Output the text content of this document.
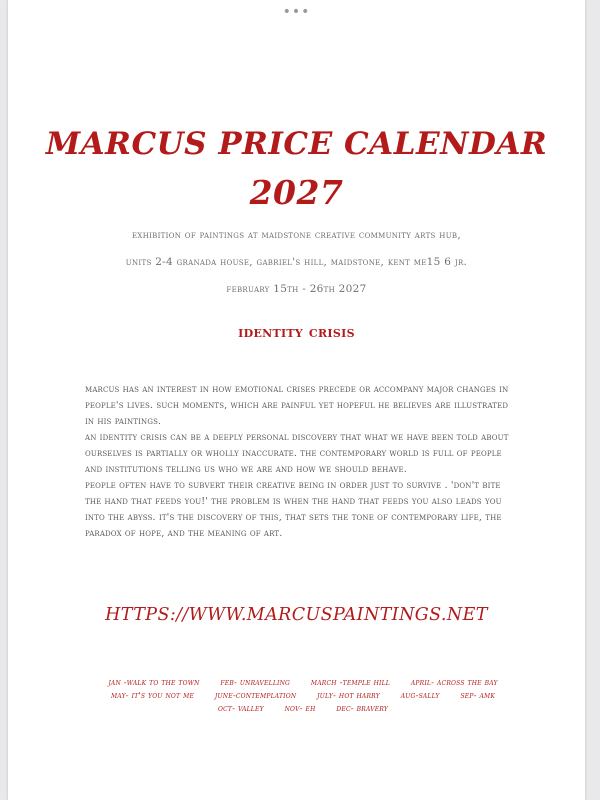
•••
MARCUS PRICE CALENDAR
2027
exhibition of paintings at maidstone creative community arts hub,
units 2-4 granada house, gabriel's hill, maidstone, kent me15 6 jr.
february 15th - 26th 2027
identity crisis

marcus has an interest in how emotional crises precede or accompany major changes in people's lives. such moments, which are painful yet hopeful he believes are illustrated in his paintings.

an identity crisis can be a deeply personal discovery that what we have been told about ourselves is partially or wholly inaccurate. the contemporary world is full of people and institutions telling us who we are and how we should behave.

people often have to subvert their creative being in order just to survive . 'don't bite the hand that feeds you!' the problem is when the hand that feeds you also leads you into the abyss. it's the discovery of this, that sets the tone of contemporary life, the paradox of hope, and the meaning of art.

HTTPS://WWW.MARCUSPAINTINGS.NET
jan -walk to the town feb- unravelling march -temple hill april- across the bay may- it's you not me june-contemplation july- hot harry aug-sally sep- amk oct- valley nov- eh dec- bravery
